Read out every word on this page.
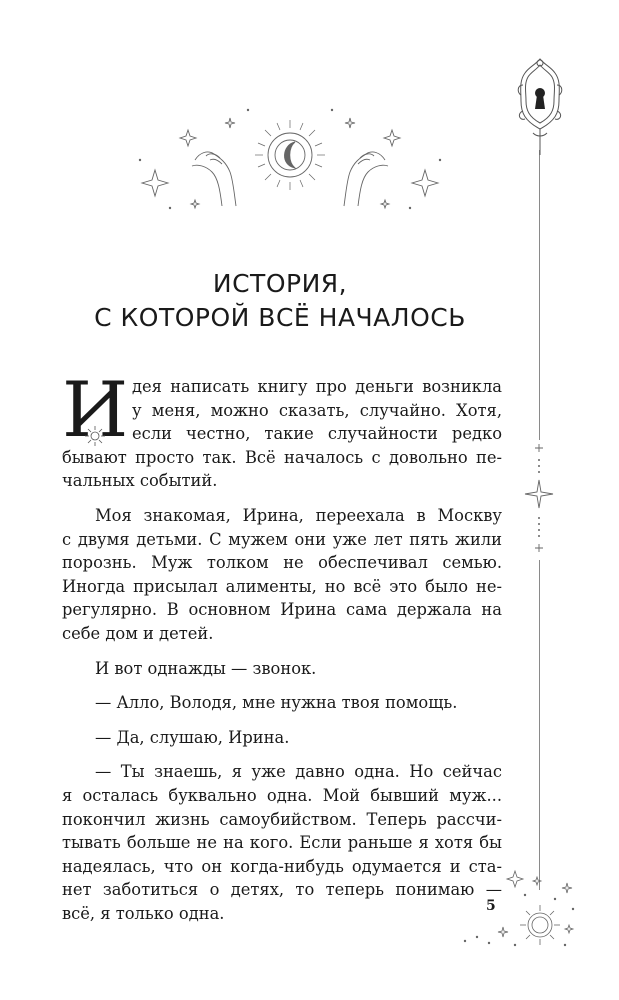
ИСТОРИЯ,
С КОТОРОЙ ВСЁ НАЧАЛОСЬ

И дея написать книгу про деньги возникла
у меня, можно сказать, случайно. Хотя,
если честно, такие случайности редко
бывают просто так. Всё началось с довольно пе-
чальных событий.

Моя знакомая, Ирина, переехала в Москву
с двумя детьми. С мужем они уже лет пять жили
порознь. Муж толком не обеспечивал семью.
Иногда присылал алименты, но всё это было не-
регулярно. В основном Ирина сама держала на
себе дом и детей.

И вот однажды — звонок.

— Алло, Володя, мне нужна твоя помощь.

— Да, слушаю, Ирина.

— Ты знаешь, я уже давно одна. Но сейчас
я осталась буквально одна. Мой бывший муж...
покончил жизнь самоубийством. Теперь рассчи-
тывать больше не на кого. Если раньше я хотя бы
надеялась, что он когда-нибудь одумается и ста-
нет заботиться о детях, то теперь понимаю —
всё, я только одна.	5
